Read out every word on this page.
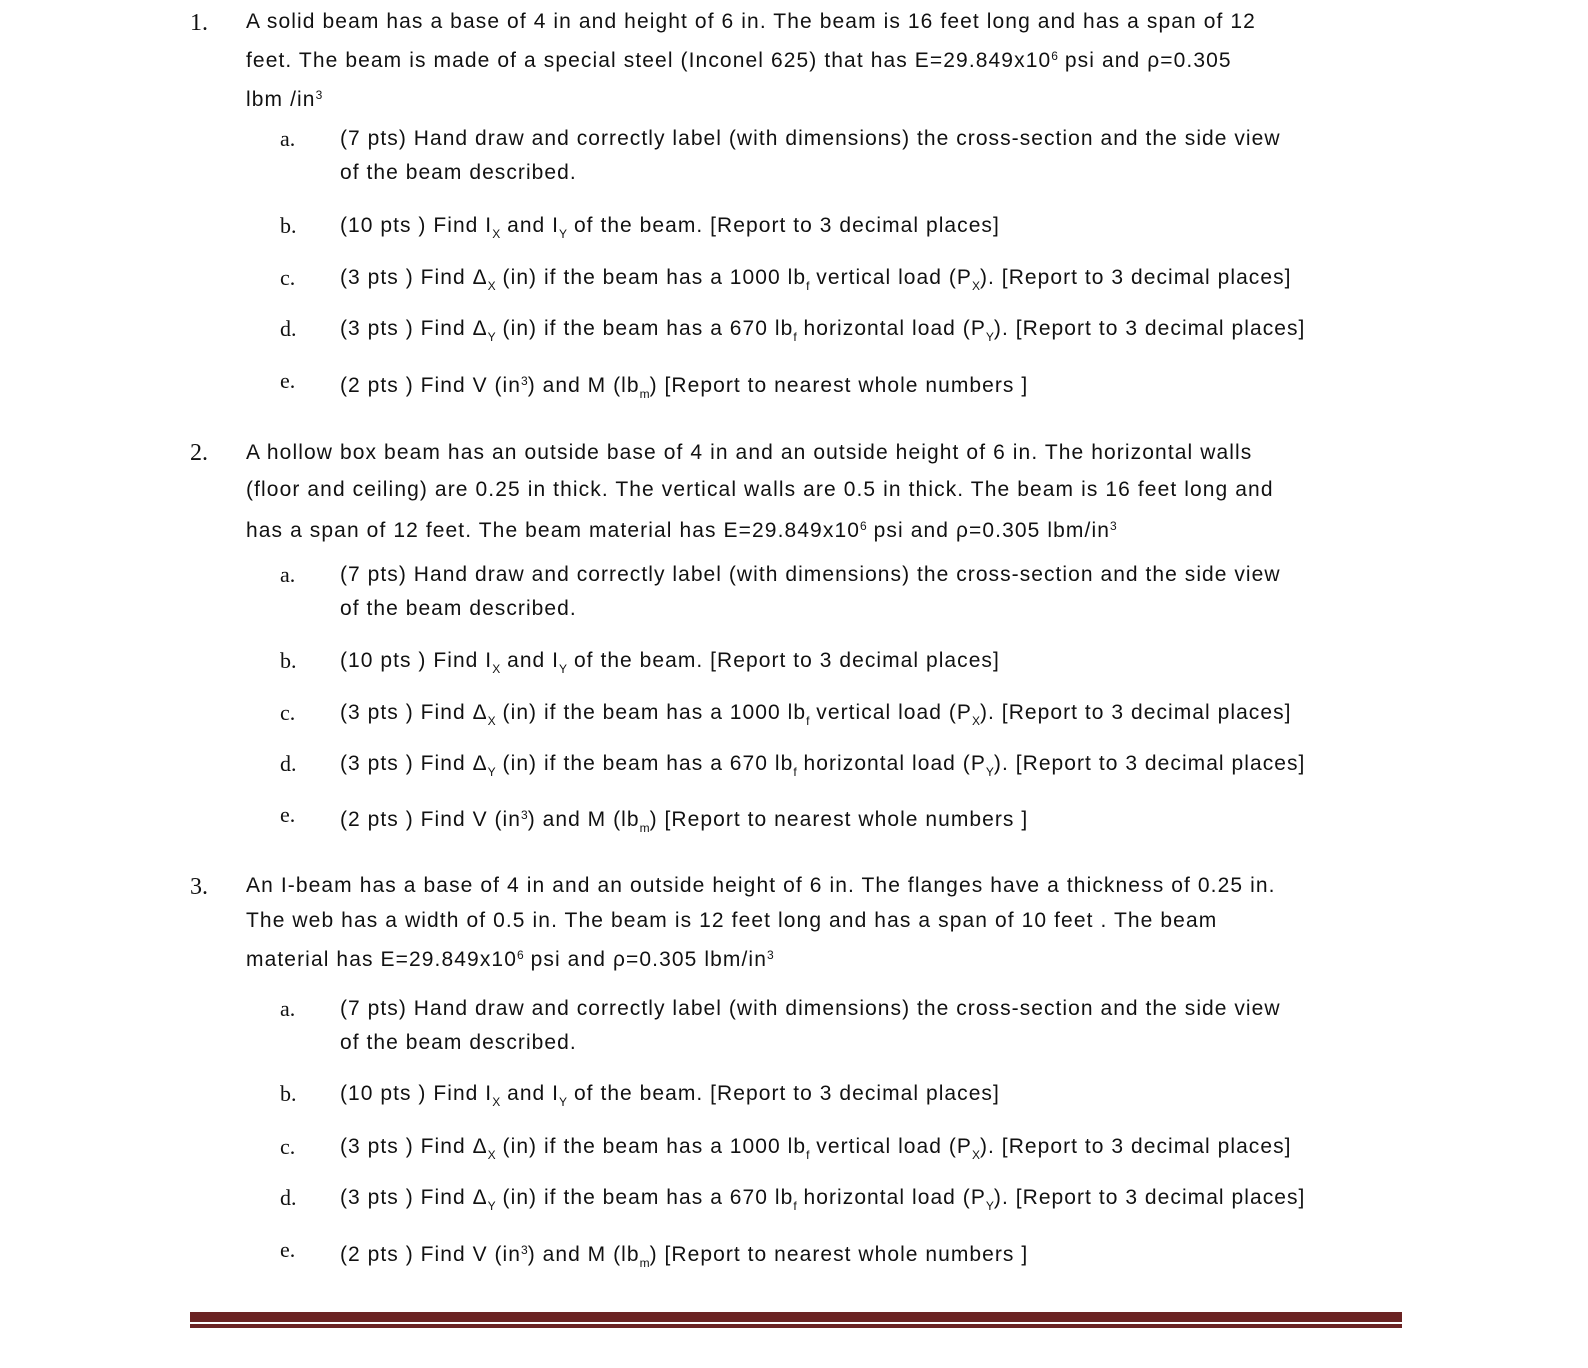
1. A solid beam has a base of 4 in and height of 6 in. The beam is 16 feet long and has a span of 12
feet. The beam is made of a special steel (Inconel 625) that has $E=29.849x10^6$ psi and ρ=0.305
lbm $/in^3$
a. (7 pts) Hand draw and correctly label (with dimensions) the cross-section and the side view
of the beam described.
b. (10 pts ) Find $I_X$ and $I_Y$ of the beam. [Report to 3 decimal places]
c. (3 pts ) Find $\Delta_X$ (in) if the beam has a 1000 $lb_f$ vertical load $(P_X)$. [Report to 3 decimal places]
d. (3 pts ) Find $\Delta_Y$ (in) if the beam has a 670 $lb_f$ horizontal load $(P_Y)$. [Report to 3 decimal places]
e. (2 pts ) Find V $(in^3)$ and M $(lb_m)$ [Report to nearest whole numbers ]
2. A hollow box beam has an outside base of 4 in and an outside height of 6 in. The horizontal walls
(floor and ceiling) are 0.25 in thick. The vertical walls are 0.5 in thick. The beam is 16 feet long and
has a span of 12 feet. The beam material has $E=29.849x10^6$ psi and ρ=0.305 lbm/$in^3$
a. (7 pts) Hand draw and correctly label (with dimensions) the cross-section and the side view
of the beam described.
b. (10 pts ) Find $I_X$ and $I_Y$ of the beam. [Report to 3 decimal places]
c. (3 pts ) Find $\Delta_X$ (in) if the beam has a 1000 $lb_f$ vertical load $(P_X)$. [Report to 3 decimal places]
d. (3 pts ) Find $\Delta_Y$ (in) if the beam has a 670 $lb_f$ horizontal load $(P_Y)$. [Report to 3 decimal places]
e. (2 pts ) Find V $(in^3)$ and M $(lb_m)$ [Report to nearest whole numbers ]
3. An I-beam has a base of 4 in and an outside height of 6 in. The flanges have a thickness of 0.25 in.
The web has a width of 0.5 in. The beam is 12 feet long and has a span of 10 feet . The beam
material has $E=29.849x10^6$ psi and ρ=0.305 lbm/$in^3$
a. (7 pts) Hand draw and correctly label (with dimensions) the cross-section and the side view
of the beam described.
b. (10 pts ) Find $I_X$ and $I_Y$ of the beam. [Report to 3 decimal places]
c. (3 pts ) Find $\Delta_X$ (in) if the beam has a 1000 $lb_f$ vertical load $(P_X)$. [Report to 3 decimal places]
d. (3 pts ) Find $\Delta_Y$ (in) if the beam has a 670 $lb_f$ horizontal load $(P_Y)$. [Report to 3 decimal places]
e. (2 pts ) Find V $(in^3)$ and M $(lb_m)$ [Report to nearest whole numbers ]
